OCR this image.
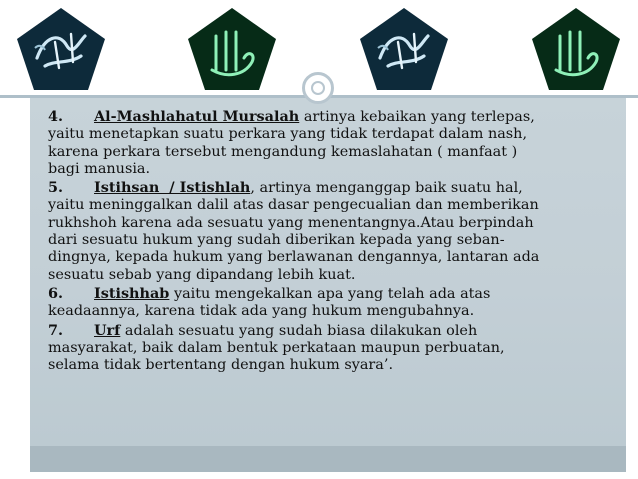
4. Al-Mashlahatul Mursalah artinya kebaikan yang terlepas,
yaitu menetapkan suatu perkara yang tidak terdapat dalam nash,
karena perkara tersebut mengandung kemaslahatan ( manfaat )
bagi manusia.

5. Istihsan  / Istishlah, artinya menganggap baik suatu hal,
yaitu meninggalkan dalil atas dasar pengecualian dan memberikan
rukhshoh karena ada sesuatu yang menentangnya.Atau berpindah
dari sesuatu hukum yang sudah diberikan kepada yang seban-
dingnya, kepada hukum yang berlawanan dengannya, lantaran ada
sesuatu sebab yang dipandang lebih kuat.

6. Istishhab yaitu mengekalkan apa yang telah ada atas
keadaannya, karena tidak ada yang hukum mengubahnya.

7. Urf adalah sesuatu yang sudah biasa dilakukan oleh
masyarakat, baik dalam bentuk perkataan maupun perbuatan,
selama tidak bertentang dengan hukum syara’.
